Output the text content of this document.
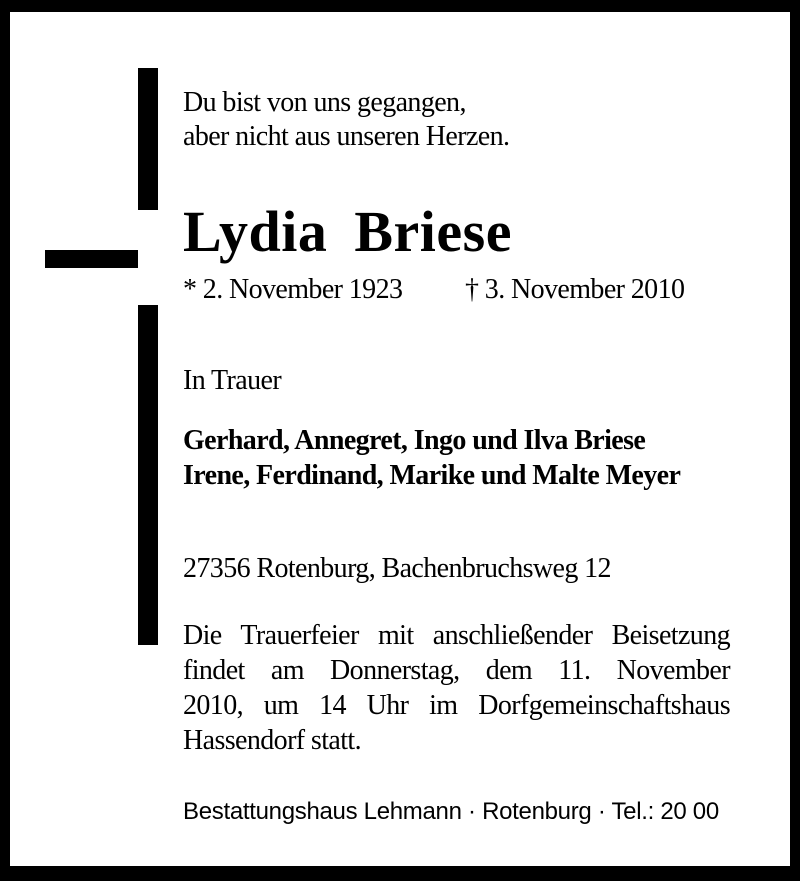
Du bist von uns gegangen,
aber nicht aus unseren Herzen.
Lydia Briese
* 2. November 1923 † 3. November 2010
In Trauer
Gerhard, Annegret, Ingo und Ilva Briese
Irene, Ferdinand, Marike und Malte Meyer
27356 Rotenburg, Bachenbruchsweg 12
Die Trauerfeier mit anschließender Beisetzung
findet am Donnerstag, dem 11. November
2010, um 14 Uhr im Dorfgemeinschaftshaus
Hassendorf statt.
Bestattungshaus Lehmann · Rotenburg · Tel.: 20 00
